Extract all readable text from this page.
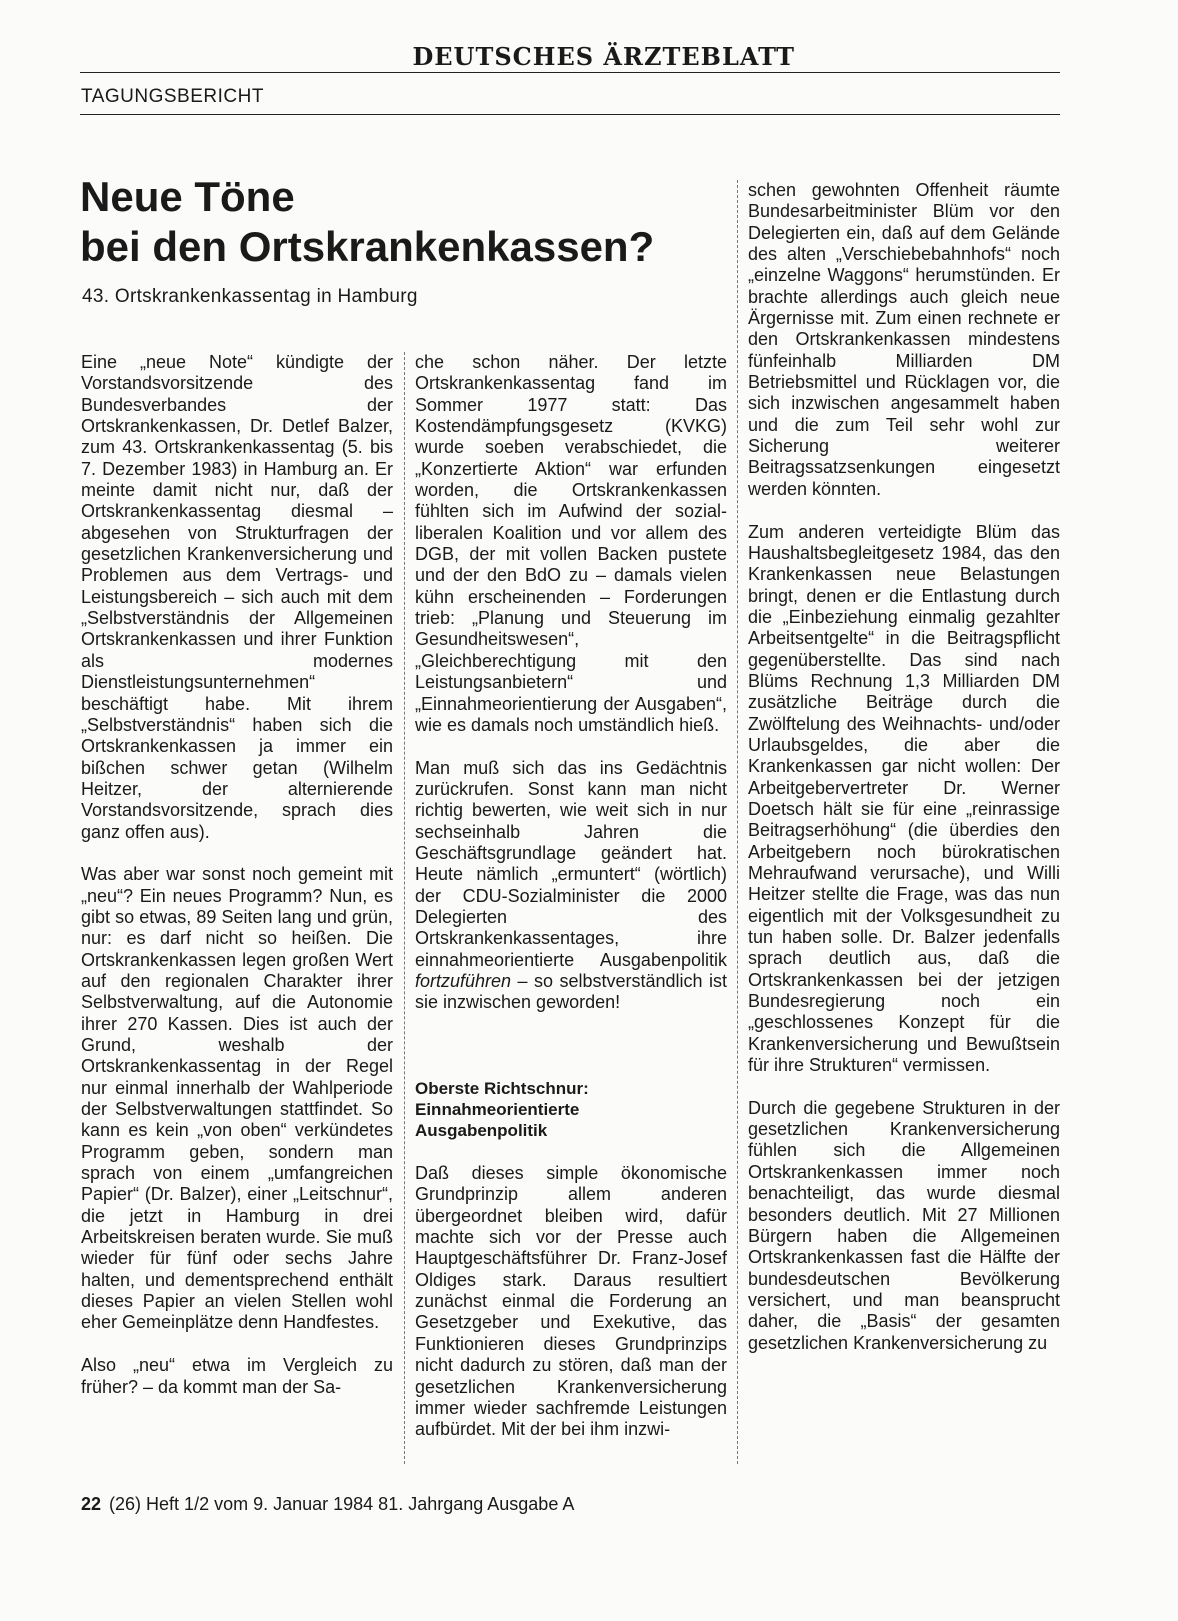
DEUTSCHES ÄRZTEBLATT
TAGUNGSBERICHT
Neue Töne
bei den Ortskrankenkassen?
43. Ortskrankenkassentag in Hamburg

Eine „neue Note“ kündigte der Vorstandsvorsitzende des Bundesverbandes der Ortskrankenkassen, Dr. Detlef Balzer, zum 43. Ortskrankenkassentag (5. bis 7. Dezember 1983) in Hamburg an. Er meinte damit nicht nur, daß der Ortskrankenkassentag diesmal – abgesehen von Strukturfragen der gesetzlichen Krankenversicherung und Problemen aus dem Vertrags- und Leistungsbereich – sich auch mit dem „Selbstverständnis der Allgemeinen Ortskrankenkassen und ihrer Funktion als modernes Dienstleistungsunternehmen“ beschäftigt habe. Mit ihrem „Selbstverständnis“ haben sich die Ortskrankenkassen ja immer ein bißchen schwer getan (Wilhelm Heitzer, der alternierende Vorstandsvorsitzende, sprach dies ganz offen aus).

Was aber war sonst noch gemeint mit „neu“? Ein neues Programm? Nun, es gibt so etwas, 89 Seiten lang und grün, nur: es darf nicht so heißen. Die Ortskrankenkassen legen großen Wert auf den regionalen Charakter ihrer Selbstverwaltung, auf die Autonomie ihrer 270 Kassen. Dies ist auch der Grund, weshalb der Ortskrankenkassentag in der Regel nur einmal innerhalb der Wahlperiode der Selbstverwaltungen stattfindet. So kann es kein „von oben“ verkündetes Programm geben, sondern man sprach von einem „umfangreichen Papier“ (Dr. Balzer), einer „Leitschnur“, die jetzt in Hamburg in drei Arbeitskreisen beraten wurde. Sie muß wieder für fünf oder sechs Jahre halten, und dementsprechend enthält dieses Papier an vielen Stellen wohl eher Gemeinplätze denn Handfestes.

Also „neu“ etwa im Vergleich zu früher? – da kommt man der Sa-

che schon näher. Der letzte Ortskrankenkassentag fand im Sommer 1977 statt: Das Kostendämpfungsgesetz (KVKG) wurde soeben verabschiedet, die „Konzertierte Aktion“ war erfunden worden, die Ortskrankenkassen fühlten sich im Aufwind der sozial-liberalen Koalition und vor allem des DGB, der mit vollen Backen pustete und der den BdO zu – damals vielen kühn erscheinenden – Forderungen trieb: „Planung und Steuerung im Gesundheitswesen“, „Gleichberechtigung mit den Leistungsanbietern“ und „Einnahmeorientierung der Ausgaben“, wie es damals noch umständlich hieß.

Man muß sich das ins Gedächtnis zurückrufen. Sonst kann man nicht richtig bewerten, wie weit sich in nur sechseinhalb Jahren die Geschäftsgrundlage geändert hat. Heute nämlich „ermuntert“ (wörtlich) der CDU-Sozialminister die 2000 Delegierten des Ortskrankenkassentages, ihre einnahmeorientierte Ausgabenpolitik fortzuführen – so selbstverständlich ist sie inzwischen geworden!

Oberste Richtschnur:
Einnahmeorientierte
Ausgabenpolitik

Daß dieses simple ökonomische Grundprinzip allem anderen übergeordnet bleiben wird, dafür machte sich vor der Presse auch Hauptgeschäftsführer Dr. Franz-Josef Oldiges stark. Daraus resultiert zunächst einmal die Forderung an Gesetzgeber und Exekutive, das Funktionieren dieses Grundprinzips nicht dadurch zu stören, daß man der gesetzlichen Krankenversicherung immer wieder sachfremde Leistungen aufbürdet. Mit der bei ihm inzwi-

schen gewohnten Offenheit räumte Bundesarbeitminister Blüm vor den Delegierten ein, daß auf dem Gelände des alten „Verschiebebahnhofs“ noch „einzelne Waggons“ herumstünden. Er brachte allerdings auch gleich neue Ärgernisse mit. Zum einen rechnete er den Ortskrankenkassen mindestens fünfeinhalb Milliarden DM Betriebsmittel und Rücklagen vor, die sich inzwischen angesammelt haben und die zum Teil sehr wohl zur Sicherung weiterer Beitragssatzsenkungen eingesetzt werden könnten.

Zum anderen verteidigte Blüm das Haushaltsbegleitgesetz 1984, das den Krankenkassen neue Belastungen bringt, denen er die Entlastung durch die „Einbeziehung einmalig gezahlter Arbeitsentgelte“ in die Beitragspflicht gegenüberstellte. Das sind nach Blüms Rechnung 1,3 Milliarden DM zusätzliche Beiträge durch die Zwölftelung des Weihnachts- und/oder Urlaubsgeldes, die aber die Krankenkassen gar nicht wollen: Der Arbeitgebervertreter Dr. Werner Doetsch hält sie für eine „reinrassige Beitragserhöhung“ (die überdies den Arbeitgebern noch bürokratischen Mehraufwand verursache), und Willi Heitzer stellte die Frage, was das nun eigentlich mit der Volksgesundheit zu tun haben solle. Dr. Balzer jedenfalls sprach deutlich aus, daß die Ortskrankenkassen bei der jetzigen Bundesregierung noch ein „geschlossenes Konzept für die Krankenversicherung und Bewußtsein für ihre Strukturen“ vermissen.

Durch die gegebene Strukturen in der gesetzlichen Krankenversicherung fühlen sich die Allgemeinen Ortskrankenkassen immer noch benachteiligt, das wurde diesmal besonders deutlich. Mit 27 Millionen Bürgern haben die Allgemeinen Ortskrankenkassen fast die Hälfte der bundesdeutschen Bevölkerung versichert, und man beansprucht daher, die „Basis“ der gesamten gesetzlichen Krankenversicherung zu

22 (26) Heft 1/2 vom 9. Januar 1984 81. Jahrgang Ausgabe A
